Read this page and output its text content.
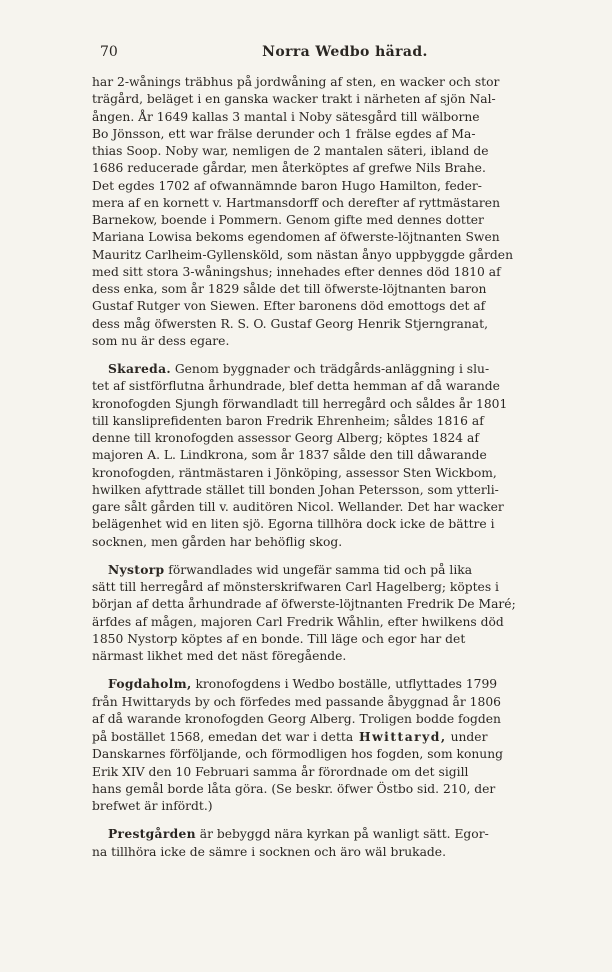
70	Norra Wedbo härad.
har 2-wånings träbhus på jordwåning af sten, en wacker och stor
trägård, beläget i en ganska wacker trakt i närheten af sjön Nal-
ången. År 1649 kallas 3 mantal i Noby sätesgård till wälborne
Bo Jönsson, ett war frälse derunder och 1 frälse egdes af Ma-
thias Soop. Noby war, nemligen de 2 mantalen säteri, ibland de
1686 reducerade gårdar, men återköptes af grefwe Nils Brahe.
Det egdes 1702 af ofwannämnde baron Hugo Hamilton, feder-
mera af en kornett v. Hartmansdorff och derefter af ryttmästaren
Barnekow, boende i Pommern. Genom gifte med dennes dotter
Mariana Lowisa bekoms egendomen af öfwerste-löjtnanten Swen
Mauritz Carlheim-Gyllensköld, som nästan ånyo uppbyggde gården
med sitt stora 3-wåningshus; innehades efter dennes död 1810 af
dess enka, som år 1829 sålde det till öfwerste-löjtnanten baron
Gustaf Rutger von Siewen. Efter baronens död emottogs det af
dess måg öfwersten R. S. O. Gustaf Georg Henrik Stjerngranat,
som nu är dess egare.
Skareda. Genom byggnader och trädgårds-anläggning i slu-
tet af sistförflutna århundrade, blef detta hemman af då warande
kronofogden Sjungh förwandladt till herregård och såldes år 1801
till kansliprefidenten baron Fredrik Ehrenheim; såldes 1816 af
denne till kronofogden assessor Georg Alberg; köptes 1824 af
majoren A. L. Lindkrona, som år 1837 sålde den till dåwarande
kronofogden, räntmästaren i Jönköping, assessor Sten Wickbom,
hwilken afyttrade stället till bonden Johan Petersson, som ytterli-
gare sålt gården till v. auditören Nicol. Wellander. Det har wacker
belägenhet wid en liten sjö. Egorna tillhöra dock icke de bättre i
socknen, men gården har behöflig skog.
Nystorp förwandlades wid ungefär samma tid och på lika
sätt till herregård af mönsterskrifwaren Carl Hagelberg; köptes i
början af detta århundrade af öfwerste-löjtnanten Fredrik De Maré;
ärfdes af mågen, majoren Carl Fredrik Wåhlin, efter hwilkens död
1850 Nystorp köptes af en bonde. Till läge och egor har det
närmast likhet med det näst föregående.
Fogdaholm, kronofogdens i Wedbo boställe, utflyttades 1799
från Hwittaryds by och förfedes med passande åbyggnad år 1806
af då warande kronofogden Georg Alberg. Troligen bodde fogden
på bostället 1568, emedan det war i detta Hwittaryd, under
Danskarnes förföljande, och förmodligen hos fogden, som konung
Erik XIV den 10 Februari samma år förordnade om det sigill
hans gemål borde låta göra. (Se beskr. öfwer Östbo sid. 210, der
brefwet är infördt.)
Prestgården är bebyggd nära kyrkan på wanligt sätt. Egor-
na tillhöra icke de sämre i socknen och äro wäl brukade.
